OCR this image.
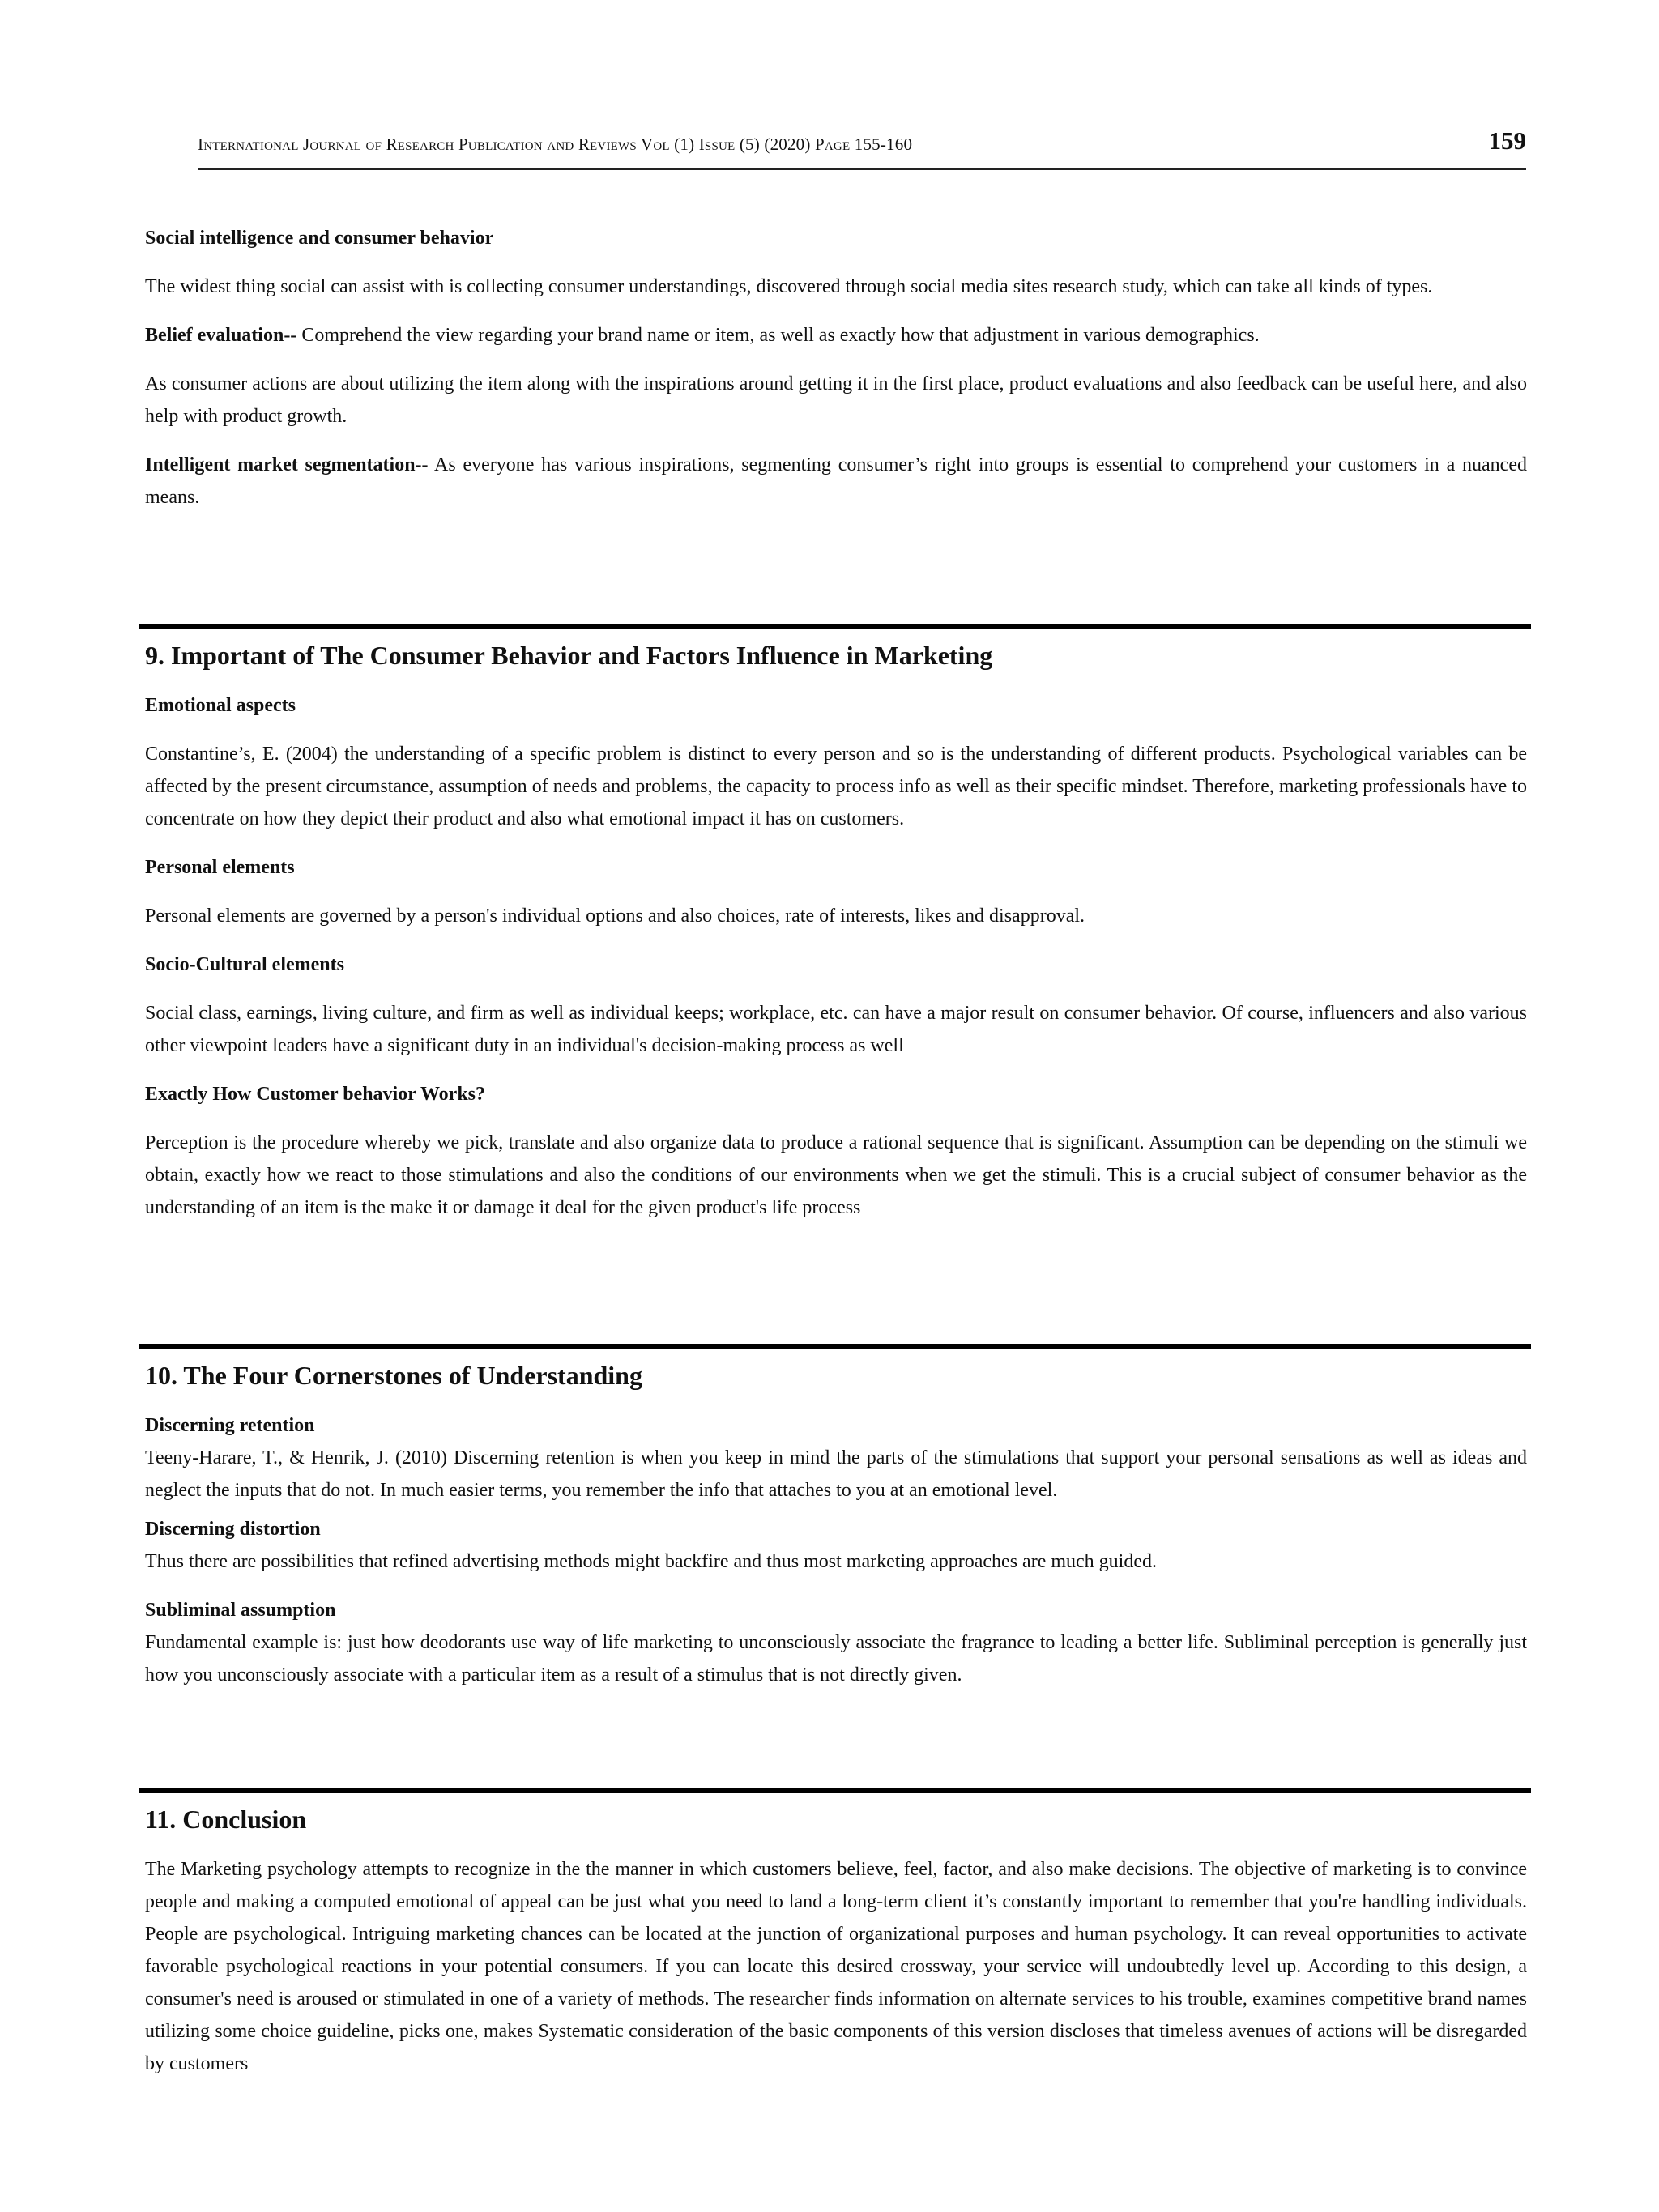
International Journal of Research Publication and Reviews Vol (1) Issue (5) (2020) Page 155-160	159

Social intelligence and consumer behavior

The widest thing social can assist with is collecting consumer understandings, discovered through social media sites research study, which can take all kinds of types.

Belief evaluation-- Comprehend the view regarding your brand name or item, as well as exactly how that adjustment in various demographics.

As consumer actions are about utilizing the item along with the inspirations around getting it in the first place, product evaluations and also feedback can be useful here, and also help with product growth.

Intelligent market segmentation-- As everyone has various inspirations, segmenting consumer’s right into groups is essential to comprehend your customers in a nuanced means.

9. Important of The Consumer Behavior and Factors Influence in Marketing

Emotional aspects

Constantine’s, E. (2004) the understanding of a specific problem is distinct to every person and so is the understanding of different products. Psychological variables can be affected by the present circumstance, assumption of needs and problems, the capacity to process info as well as their specific mindset. Therefore, marketing professionals have to concentrate on how they depict their product and also what emotional impact it has on customers.

Personal elements

Personal elements are governed by a person's individual options and also choices, rate of interests, likes and disapproval.

Socio-Cultural elements

Social class, earnings, living culture, and firm as well as individual keeps; workplace, etc. can have a major result on consumer behavior. Of course, influencers and also various other viewpoint leaders have a significant duty in an individual's decision-making process as well

Exactly How Customer behavior Works?

Perception is the procedure whereby we pick, translate and also organize data to produce a rational sequence that is significant. Assumption can be depending on the stimuli we obtain, exactly how we react to those stimulations and also the conditions of our environments when we get the stimuli. This is a crucial subject of consumer behavior as the understanding of an item is the make it or damage it deal for the given product's life process

10. The Four Cornerstones of Understanding

Discerning retention

Teeny-Harare, T., & Henrik, J. (2010) Discerning retention is when you keep in mind the parts of the stimulations that support your personal sensations as well as ideas and neglect the inputs that do not. In much easier terms, you remember the info that attaches to you at an emotional level.

Discerning distortion

Thus there are possibilities that refined advertising methods might backfire and thus most marketing approaches are much guided.

Subliminal assumption

Fundamental example is: just how deodorants use way of life marketing to unconsciously associate the fragrance to leading a better life. Subliminal perception is generally just how you unconsciously associate with a particular item as a result of a stimulus that is not directly given.

11. Conclusion

The Marketing psychology attempts to recognize in the the manner in which customers believe, feel, factor, and also make decisions. The objective of marketing is to convince people and making a computed emotional of appeal can be just what you need to land a long-term client it’s constantly important to remember that you're handling individuals. People are psychological. Intriguing marketing chances can be located at the junction of organizational purposes and human psychology. It can reveal opportunities to activate favorable psychological reactions in your potential consumers. If you can locate this desired crossway, your service will undoubtedly level up. According to this design, a consumer's need is aroused or stimulated in one of a variety of methods. The researcher finds information on alternate services to his trouble, examines competitive brand names utilizing some choice guideline, picks one, makes Systematic consideration of the basic components of this version discloses that timeless avenues of actions will be disregarded by customers
